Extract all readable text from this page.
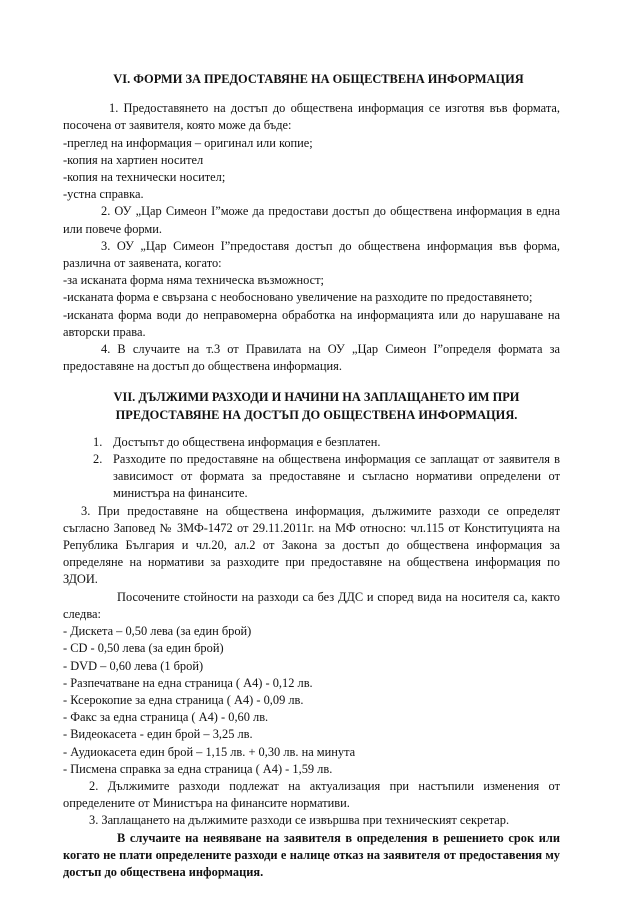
VI. ФОРМИ ЗА ПРЕДОСТАВЯНЕ НА ОБЩЕСТВЕНА ИНФОРМАЦИЯ

1. Предоставянето на достъп до обществена информация се изготвя във формата, посочена от заявителя, която може да бъде:

-преглед на информация – оригинал или копие;

-копия на хартиен носител

-копия на технически носител;

-устна справка.

2. ОУ „Цар Симеон І”може да предостави достъп до обществена информация в една или повече форми.

3. ОУ „Цар Симеон І”предоставя достъп до обществена информация във форма, различна от заявената, когато:

-за исканата форма няма техническа възможност;

-исканата форма е свързана с необосновано увеличение на разходите по предоставянето;

-исканата форма води до неправомерна обработка на информацията или до нарушаване на авторски права.

4. В случаите на т.3 от Правилата на ОУ „Цар Симеон І”определя формата за предоставяне на достъп до обществена информация.

VII. ДЪЛЖИМИ РАЗХОДИ И НАЧИНИ НА ЗАПЛАЩАНЕТО ИМ ПРИ ПРЕДОСТАВЯНЕ НА ДОСТЪП ДО ОБЩЕСТВЕНА ИНФОРМАЦИЯ.

1. Достъпът до обществена информация е безплатен.
2. Разходите по предоставяне на обществена информация се заплащат от заявителя в зависимост от формата за предоставяне и съгласно нормативи определени от министъра на финансите.

3. При предоставяне на обществена информация, дължимите разходи се определят съгласно Заповед № ЗМФ-1472 от 29.11.2011г. на МФ относно: чл.115 от Конституцията на Република България и чл.20, ал.2 от Закона за достъп до обществена информация за определяне на нормативи за разходите при предоставяне на обществена информация по ЗДОИ.

Посочените стойности на разходи са без ДДС и според вида на носителя са, както следва:

- Дискета – 0,50 лева (за един брой)

- CD - 0,50 лева (за един брой)

- DVD – 0,60 лева (1 брой)

- Разпечатване на една страница ( А4) - 0,12 лв.

- Ксерокопие за една страница ( А4) - 0,09 лв.

- Факс за една страница ( А4) - 0,60 лв.

- Видеокасета - един брой – 3,25 лв.

- Аудиокасета един брой – 1,15 лв. + 0,30 лв. на минута

- Писмена справка за една страница ( А4) - 1,59 лв.

2. Дължимите разходи подлежат на актуализация при настъпили изменения от определените от Министъра на финансите нормативи.

3. Заплащането на дължимите разходи се извършва при техническият секретар.

В случаите на неявяване на заявителя в определения в решението срок или когато не плати определените разходи е налице отказ на заявителя от предоставения му достъп до обществена информация.
